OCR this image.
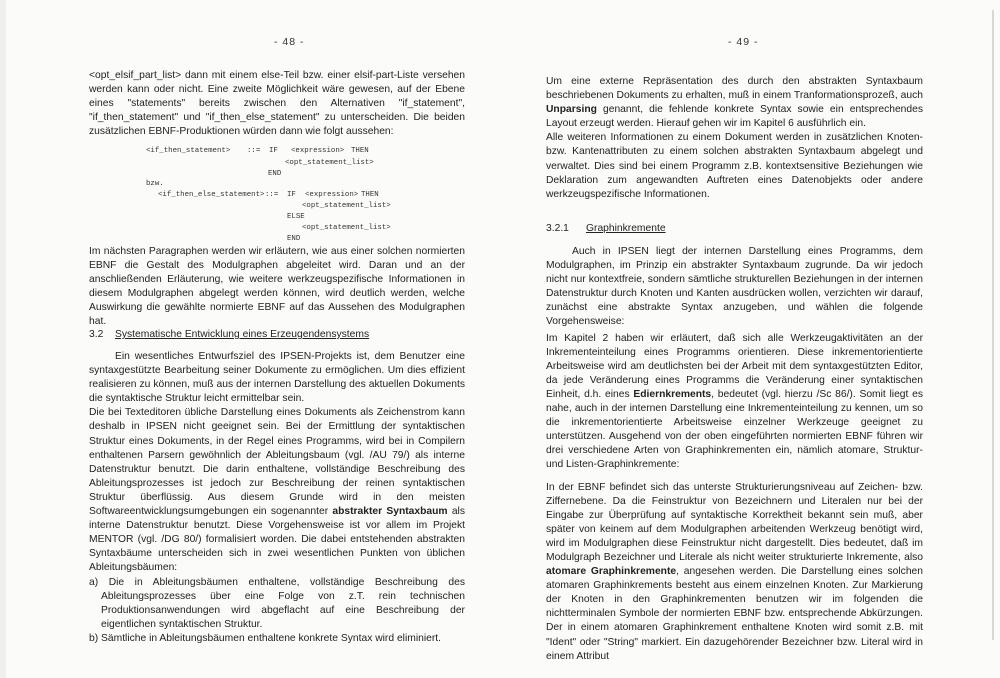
- 48 -

<opt_elsif_part_list> dann mit einem else-Teil bzw. einer elsif-part-Liste versehen werden kann oder nicht. Eine zweite Möglichkeit wäre gewesen, auf der Ebene eines "statements" bereits zwischen den Alternativen "if_statement", "if_then_statement" und "if_then_else_statement" zu unterscheiden. Die beiden zusätzlichen EBNF-Produktionen würden dann wie folgt aussehen:

<if_then_statement> ::= IF <expression> THEN
<opt_statement_list>
END
bzw.
<if_then_else_statement> ::= IF <expression> THEN
<opt_statement_list>
ELSE
<opt_statement_list>
END

Im nächsten Paragraphen werden wir erläutern, wie aus einer solchen normierten EBNF die Gestalt des Modulgraphen abgeleitet wird. Daran und an der anschließenden Erläuterung, wie weitere werkzeugspezifische Informationen in diesem Modulgraphen abgelegt werden können, wird deutlich werden, welche Auswirkung die gewählte normierte EBNF auf das Aussehen des Modulgraphen hat.

3.2 Systematische Entwicklung eines Erzeugendensystems

Ein wesentliches Entwurfsziel des IPSEN-Projekts ist, dem Benutzer eine syntaxgestützte Bearbeitung seiner Dokumente zu ermöglichen. Um dies effizient realisieren zu können, muß aus der internen Darstellung des aktuellen Dokuments die syntaktische Struktur leicht ermittelbar sein.

Die bei Texteditoren übliche Darstellung eines Dokuments als Zeichenstrom kann deshalb in IPSEN nicht geeignet sein. Bei der Ermittlung der syntaktischen Struktur eines Dokuments, in der Regel eines Programms, wird bei in Compilern enthaltenen Parsern gewöhnlich der Ableitungsbaum (vgl. /AU 79/) als interne Datenstruktur benutzt. Die darin enthaltene, vollständige Beschreibung des Ableitungsprozesses ist jedoch zur Beschreibung der reinen syntaktischen Struktur überflüssig. Aus diesem Grunde wird in den meisten Softwareentwicklungsumgebungen ein sogenannter abstrakter Syntaxbaum als interne Datenstruktur benutzt. Diese Vorgehensweise ist vor allem im Projekt MENTOR (vgl. /DG 80/) formalisiert worden. Die dabei entstehenden abstrakten Syntaxbäume unterscheiden sich in zwei wesentlichen Punkten von üblichen Ableitungsbäumen:

a) Die in Ableitungsbäumen enthaltene, vollständige Beschreibung des Ableitungsprozesses über eine Folge von z.T. rein technischen Produktionsanwendungen wird abgeflacht auf eine Beschreibung der eigentlichen syntaktischen Struktur.

b) Sämtliche in Ableitungsbäumen enthaltene konkrete Syntax wird eliminiert.

- 49 -

Um eine externe Repräsentation des durch den abstrakten Syntaxbaum beschriebenen Dokuments zu erhalten, muß in einem Tranformationsprozeß, auch Unparsing genannt, die fehlende konkrete Syntax sowie ein entsprechendes Layout erzeugt werden. Hierauf gehen wir im Kapitel 6 ausführlich ein.

Alle weiteren Informationen zu einem Dokument werden in zusätzlichen Knoten- bzw. Kantenattributen zu einem solchen abstrakten Syntaxbaum abgelegt und verwaltet. Dies sind bei einem Programm z.B. kontextsensitive Beziehungen wie Deklaration zum angewandten Auftreten eines Datenobjekts oder andere werkzeugspezifische Informationen.

3.2.1 Graphinkremente

Auch in IPSEN liegt der internen Darstellung eines Programms, dem Modulgraphen, im Prinzip ein abstrakter Syntaxbaum zugrunde. Da wir jedoch nicht nur kontextfreie, sondern sämtliche strukturellen Beziehungen in der internen Datenstruktur durch Knoten und Kanten ausdrücken wollen, verzichten wir darauf, zunächst eine abstrakte Syntax anzugeben, und wählen die folgende Vorgehensweise:

Im Kapitel 2 haben wir erläutert, daß sich alle Werkzeugaktivitäten an der Inkrementeinteilung eines Programms orientieren. Diese inkrementorientierte Arbeitsweise wird am deutlichsten bei der Arbeit mit dem syntaxgestützten Editor, da jede Veränderung eines Programms die Veränderung einer syntaktischen Einheit, d.h. eines Ediernkrements, bedeutet (vgl. hierzu /Sc 86/). Somit liegt es nahe, auch in der internen Darstellung eine Inkrementeinteilung zu kennen, um so die inkrementorientierte Arbeitsweise einzelner Werkzeuge geeignet zu unterstützen. Ausgehend von der oben eingeführten normierten EBNF führen wir drei verschiedene Arten von Graphinkrementen ein, nämlich atomare, Struktur- und Listen-Graphinkremente:

In der EBNF befindet sich das unterste Strukturierungsniveau auf Zeichen- bzw. Ziffernebene. Da die Feinstruktur von Bezeichnern und Literalen nur bei der Eingabe zur Überprüfung auf syntaktische Korrektheit bekannt sein muß, aber später von keinem auf dem Modulgraphen arbeitenden Werkzeug benötigt wird, wird im Modulgraphen diese Feinstruktur nicht dargestellt. Dies bedeutet, daß im Modulgraph Bezeichner und Literale als nicht weiter strukturierte Inkremente, also atomare Graphinkremente, angesehen werden. Die Darstellung eines solchen atomaren Graphinkrements besteht aus einem einzelnen Knoten. Zur Markierung der Knoten in den Graphinkrementen benutzen wir im folgenden die nichtterminalen Symbole der normierten EBNF bzw. entsprechende Abkürzungen. Der in einem atomaren Graphinkrement enthaltene Knoten wird somit z.B. mit "Ident" oder "String" markiert. Ein dazugehörender Bezeichner bzw. Literal wird in einem Attribut
